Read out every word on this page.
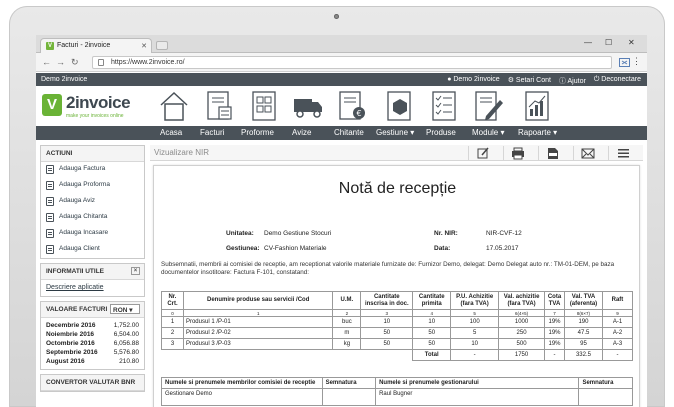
V Facturi - 2invoice	✕	— ☐ ✕
← → ↻	https://www.2invoice.ro/	⋮
Demo 2invoice	● Demo 2invoice ⚙ Setari Cont ⓘ Ajutor ⏻ Deconectare
V 2invoice
make your invoices online	€
Acasa Facturi Proforme Avize	Chitante Gestiune ▾ Produse Module ▾ Rapoarte ▾
ACTIUNI
Adauga Factura
Adauga Proforma
Adauga Aviz
Adauga Chitanta
Adauga Incasare
Adauga Client
INFORMATII UTILE	×
Descriere aplicatie
VALOARE FACTURI RON ▾
Decembrie 2016	1,752.00
Noiembrie 2016	6,504.00
Octombrie 2016	6,056.88
Septembrie 2016 5,576.80
August 2016	210.80
CONVERTOR VALUTAR BNR
Vizualizare NIR
Notă de recepție
Unitatea: Demo Gestiune Stocuri
Gestiunea: CV-Fashion Materiale
Nr. NIR:	NIR-CVF-12
Data:	17.05.2017
Subsemnatii, membrii ai comisiei de receptie, am receptionat valorile materiale furnizate de: Furnizor Demo, delegat: Demo Delegat auto nr.: TM-01-DEM, pe baza documentelor insotitoare: Factura F-101, constatand:
Nr. Crt.	Denumire produse sau servicii /Cod	U.M.	Cantitate inscrisa in doc.	Cantitate primita	P.U. Achizitie (fara TVA)	Val. achizitie (fara TVA)	Cota TVA	Val. TVA (aferenta)	Raft
0	1	2	3	4	5	6(4×5)	7	8(6×7)	9
1	Produsul 1 /P-01	buc	10	10	100	1000	19%	190	A-1
2	Produsul 2 /P-02	m	50	50	5	250	19%	47.5	A-2
3	Produsul 3 /P-03	kg	50	50	10	500	19%	95	A-3
				Total	-	1750	-	332.5	-
Numele si prenumele membrilor comisiei de receptie	Semnatura	Numele si prenumele gestionarului	Semnatura
Gestionare Demo		Raul Bugner	
